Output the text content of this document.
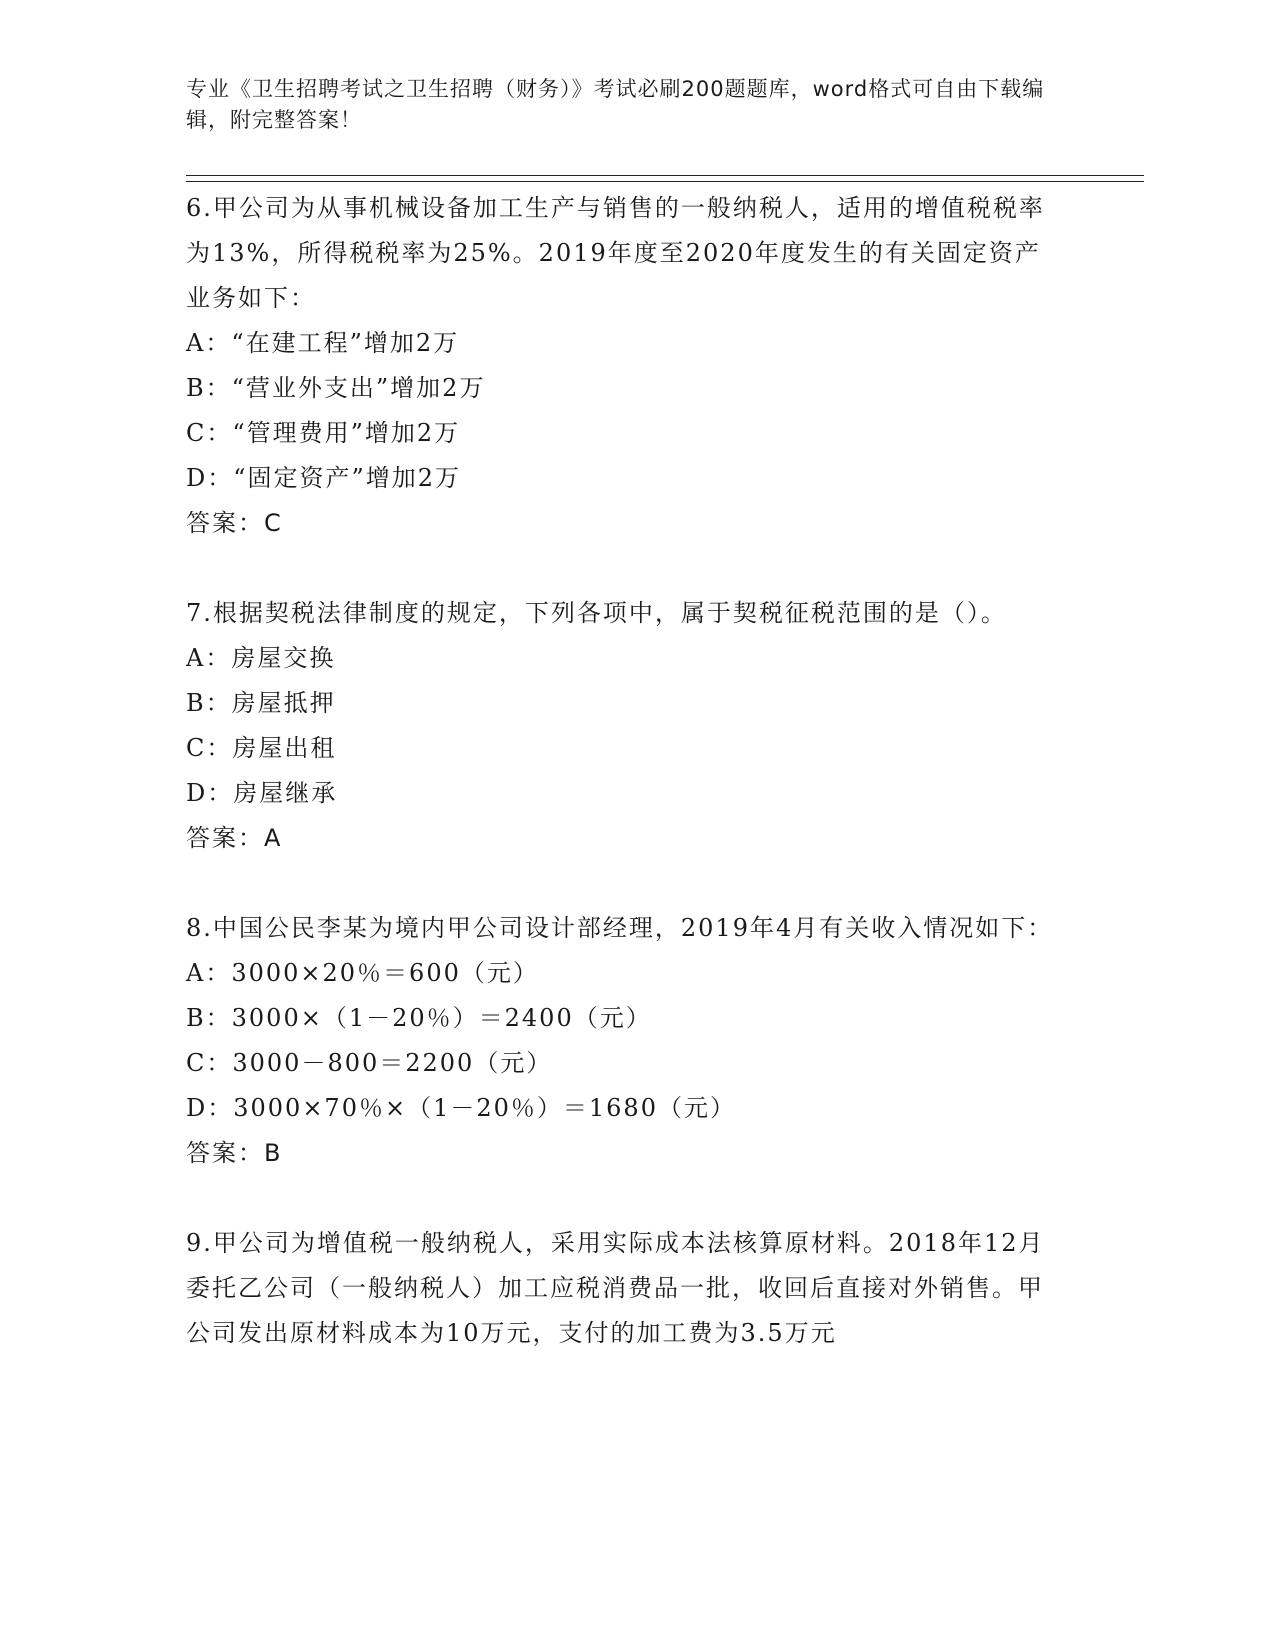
专业《卫生招聘考试之卫生招聘（财务）》考试必刷200题题库，word格式可自由下载编辑，附完整答案！
6.甲公司为从事机械设备加工生产与销售的一般纳税人，适用的增值税税率为13%，所得税税率为25%。2019年度至2020年度发生的有关固定资产业务如下：
A：“在建工程”增加2万
B：“营业外支出”增加2万
C：“管理费用”增加2万
D：“固定资产”增加2万
答案：C
7.根据契税法律制度的规定，下列各项中，属于契税征税范围的是（）。
A：房屋交换
B：房屋抵押
C：房屋出租
D：房屋继承
答案：A
8.中国公民李某为境内甲公司设计部经理，2019年4月有关收入情况如下：
A：3000×20％＝600（元）
B：3000×（1－20％）＝2400（元）
C：3000－800＝2200（元）
D：3000×70％×（1－20％）＝1680（元）
答案：B
9.甲公司为增值税一般纳税人，采用实际成本法核算原材料。2018年12月委托乙公司（一般纳税人）加工应税消费品一批，收回后直接对外销售。甲公司发出原材料成本为10万元，支付的加工费为3.5万元
